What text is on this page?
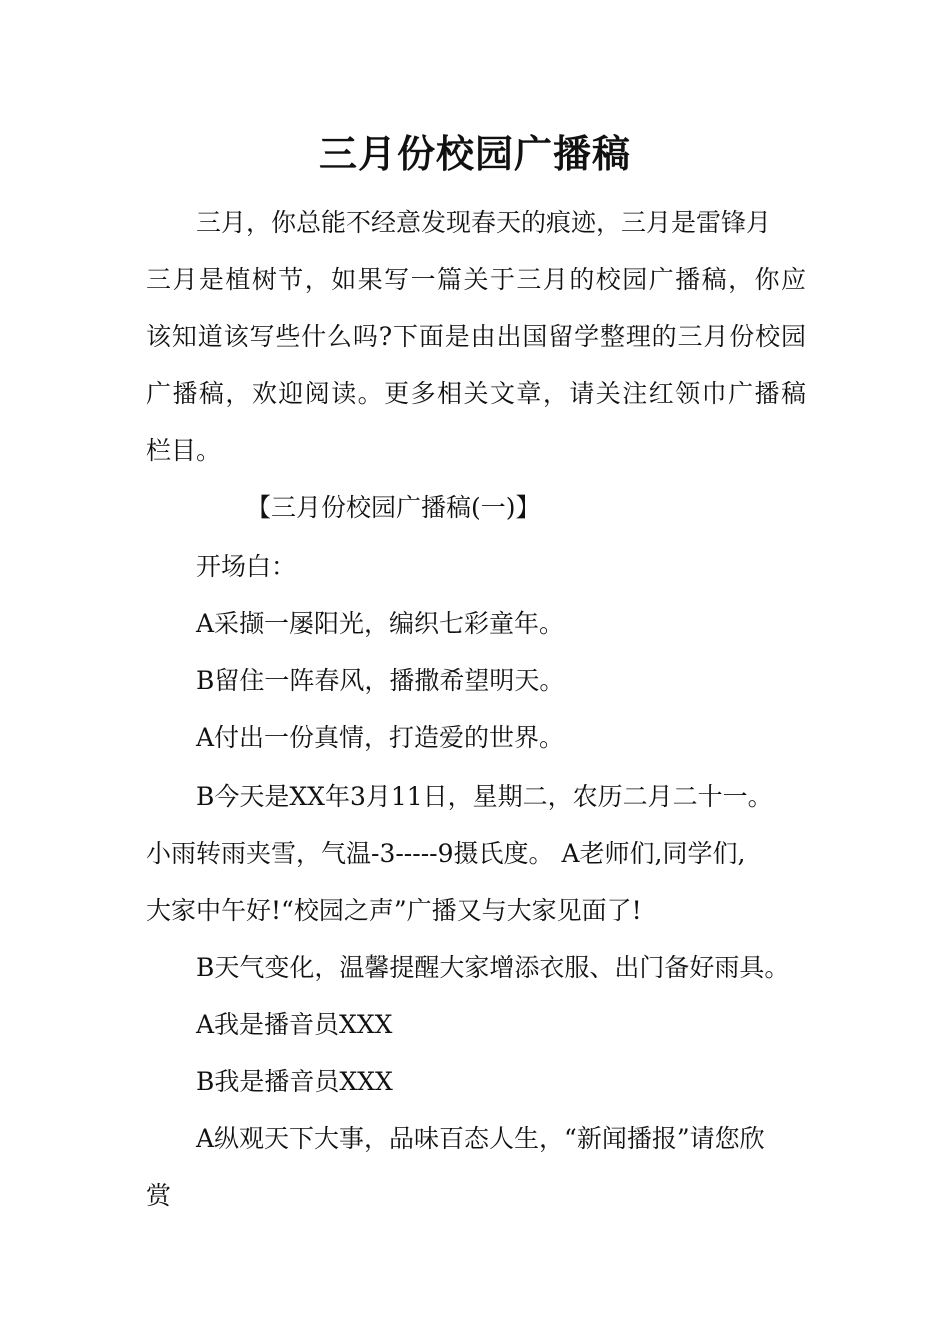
三月份校园广播稿
三月，你总能不经意发现春天的痕迹，三月是雷锋月
三月是植树节，如果写一篇关于三月的校园广播稿，你应
该知道该写些什么吗?下面是由出国留学整理的三月份校园
广播稿，欢迎阅读。更多相关文章，请关注红领巾广播稿
栏目。
【三月份校园广播稿(一)】
开场白：
A采撷一屡阳光，编织七彩童年。
B留住一阵春风，播撒希望明天。
A付出一份真情，打造爱的世界。
B今天是XX年3月11日，星期二，农历二月二十一。
小雨转雨夹雪，气温-3-----9摄氏度。 A老师们,同学们,
大家中午好!“校园之声”广播又与大家见面了!
B天气变化，温馨提醒大家增添衣服、出门备好雨具。
A我是播音员XXX
B我是播音员XXX
A纵观天下大事，品味百态人生，“新闻播报”请您欣
赏
